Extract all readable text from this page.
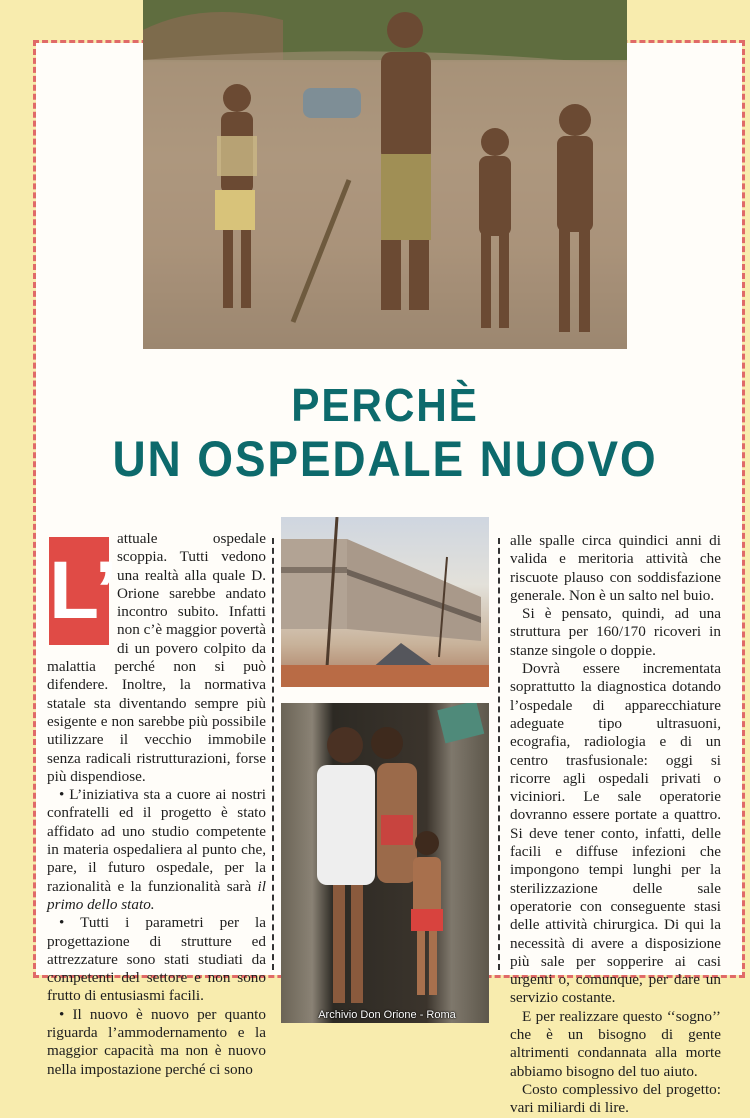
PERCHÈ
UN OSPEDALE NUOVO
L’

attuale ospedale scoppia. Tutti vedono una realtà alla quale D. Orione sarebbe andato incontro subito. Infatti non c’è maggior povertà di un povero colpito da malattia perché non si può difendere. Inoltre, la normativa statale sta diventando sempre più esigente e non sarebbe più possibile utilizzare il vecchio immobile senza radicali ristrutturazioni, forse più dispendiose.

• L’iniziativa sta a cuore ai nostri confratelli ed il progetto è stato affidato ad uno studio competente in materia ospedaliera al punto che, pare, il futuro ospedale, per la razionalità e la funzionalità sarà il primo dello stato.

• Tutti i parametri per la progettazione di strutture ed attrezzature sono stati studiati da competenti del settore e non sono frutto di entusiasmi facili.

• Il nuovo è nuovo per quanto riguarda l’ammodernamento e la maggior capacità ma non è nuovo nella impostazione perché ci sono

alle spalle circa quindici anni di valida e meritoria attività che riscuote plauso con soddisfazione generale. Non è un salto nel buio.

Si è pensato, quindi, ad una struttura per 160/170 ricoveri in stanze singole o doppie.

Dovrà essere incrementata soprattutto la diagnostica dotando l’ospedale di apparecchiature adeguate tipo ultrasuoni, ecografia, radiologia e di un centro trasfusionale: oggi si ricorre agli ospedali privati o viciniori. Le sale operatorie dovranno essere portate a quattro. Si deve tener conto, infatti, delle facili e diffuse infezioni che impongono tempi lunghi per la sterilizzazione delle sale operatorie con conseguente stasi delle attività chirurgica. Di qui la necessità di avere a disposizione più sale per sopperire ai casi urgenti o, comunque, per dare un servizio costante.

E per realizzare questo ‘‘sogno’’ che è un bisogno di gente altrimenti condannata alla morte abbiamo bisogno del tuo aiuto.

Costo complessivo del progetto: vari miliardi di lire.

Archivio Don Orione - Roma
